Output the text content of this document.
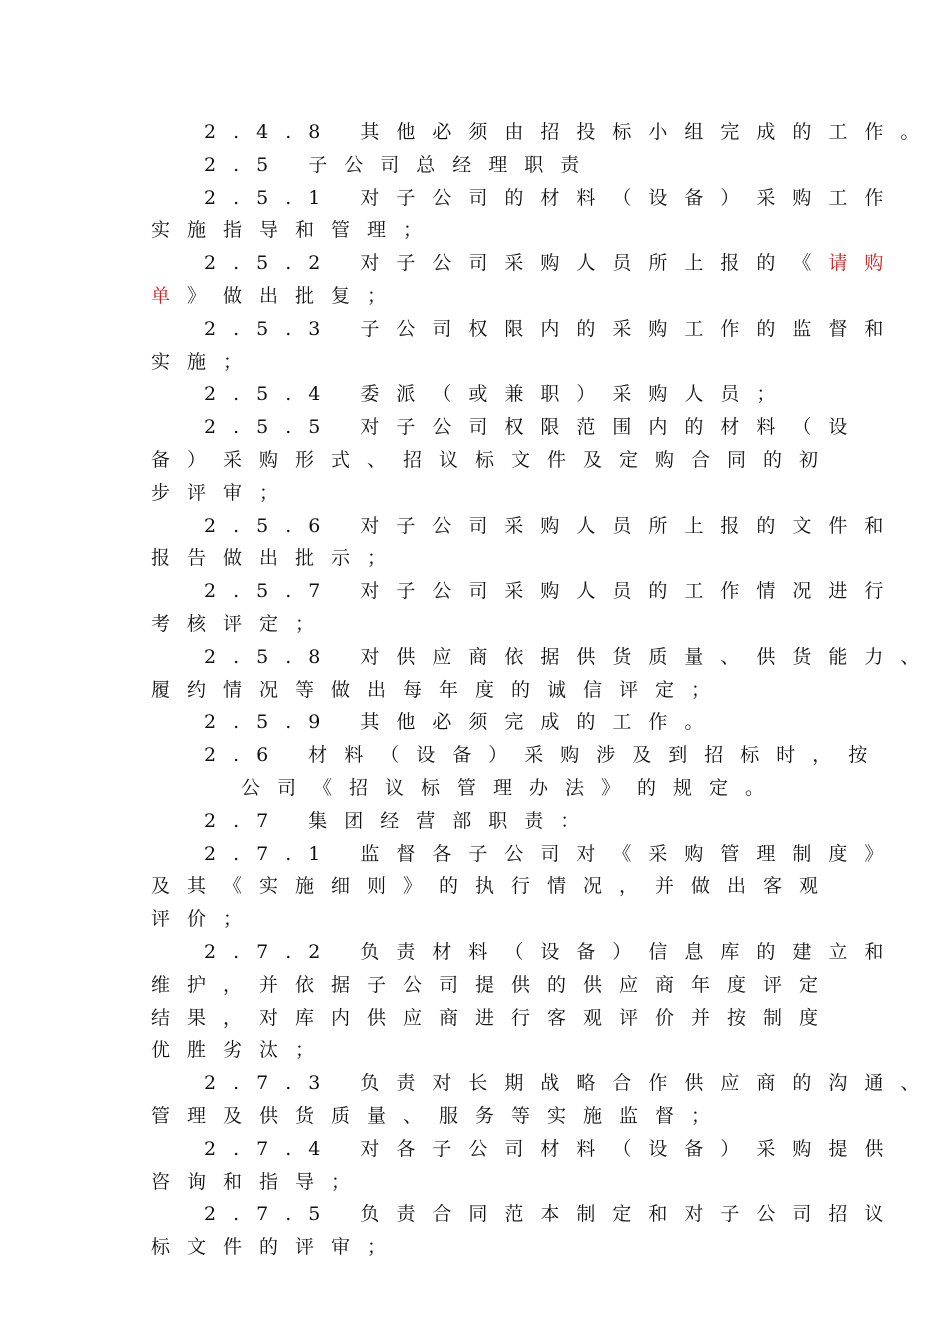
2.4.8 其他必须由招投标小组完成的工作。
2.5 子公司总经理职责
2.5.1 对子公司的材料（设备）采购工作
实施指导和管理；
2.5.2 对子公司采购人员所上报的《请购
单》做出批复；
2.5.3 子公司权限内的采购工作的监督和
实施；
2.5.4 委派（或兼职）采购人员；
2.5.5 对子公司权限范围内的材料（设
备）采购形式、招议标文件及定购合同的初
步评审；
2.5.6 对子公司采购人员所上报的文件和
报告做出批示；
2.5.7 对子公司采购人员的工作情况进行
考核评定；
2.5.8 对供应商依据供货质量、供货能力、
履约情况等做出每年度的诚信评定；
2.5.9 其他必须完成的工作。
2.6 材料（设备）采购涉及到招标时，按
公司《招议标管理办法》的规定。
2.7 集团经营部职责：
2.7.1 监督各子公司对《采购管理制度》
及其《实施细则》的执行情况，并做出客观
评价；
2.7.2 负责材料（设备）信息库的建立和
维护，并依据子公司提供的供应商年度评定
结果，对库内供应商进行客观评价并按制度
优胜劣汰；
2.7.3 负责对长期战略合作供应商的沟通、
管理及供货质量、服务等实施监督；
2.7.4 对各子公司材料（设备）采购提供
咨询和指导；
2.7.5 负责合同范本制定和对子公司招议
标文件的评审；
